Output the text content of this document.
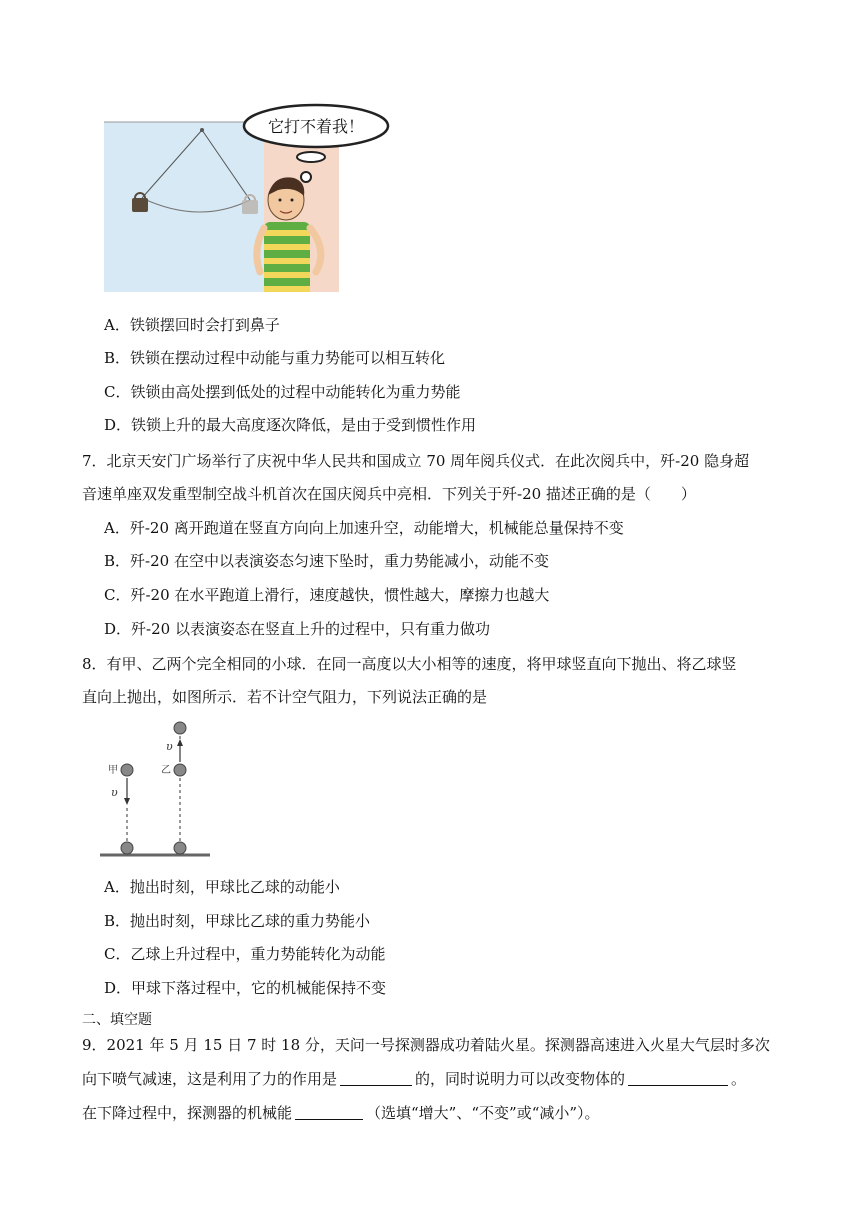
它打不着我！
A．铁锁摆回时会打到鼻子
B．铁锁在摆动过程中动能与重力势能可以相互转化
C．铁锁由高处摆到低处的过程中动能转化为重力势能
D．铁锁上升的最大高度逐次降低，是由于受到惯性作用
7．北京天安门广场举行了庆祝中华人民共和国成立 70 周年阅兵仪式．在此次阅兵中，歼-20 隐身超
音速单座双发重型制空战斗机首次在国庆阅兵中亮相．下列关于歼-20 描述正确的是（　　）
A．歼-20 离开跑道在竖直方向向上加速升空，动能增大，机械能总量保持不变
B．歼-20 在空中以表演姿态匀速下坠时，重力势能减小，动能不变
C．歼-20 在水平跑道上滑行，速度越快，惯性越大，摩擦力也越大
D．歼-20 以表演姿态在竖直上升的过程中，只有重力做功
8．有甲、乙两个完全相同的小球．在同一高度以大小相等的速度，将甲球竖直向下抛出、将乙球竖
直向上抛出，如图所示．若不计空气阻力，下列说法正确的是
甲
υ
乙
υ
A．抛出时刻，甲球比乙球的动能小
B．抛出时刻，甲球比乙球的重力势能小
C．乙球上升过程中，重力势能转化为动能
D．甲球下落过程中，它的机械能保持不变
二、填空题
9．2021 年 5 月 15 日 7 时 18 分，天问一号探测器成功着陆火星。探测器高速进入火星大气层时多次
向下喷气减速，这是利用了力的作用是	的，同时说明力可以改变物体的	。
在下降过程中，探测器的机械能	（选填“增大”、“不变”或“减小”）。
